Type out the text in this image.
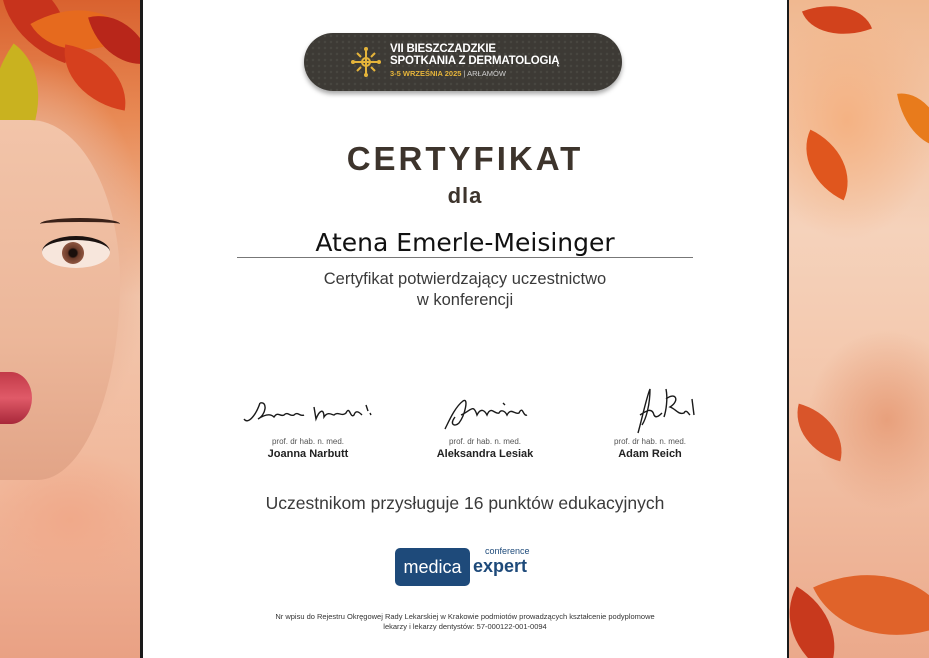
VII BIESZCZADZKIE
SPOTKANIA Z DERMATOLOGIĄ
3-5 WRZEŚNIA 2025 | ARŁAMÓW
CERTYFIKAT
dla
Atena Emerle-Meisinger
Certyfikat potwierdzający uczestnictwo
w konferencji
prof. dr hab. n. med.
Joanna Narbutt
prof. dr hab. n. med.
Aleksandra Lesiak
prof. dr hab. n. med.
Adam Reich
Uczestnikom przysługuje 16 punktów edukacyjnych
medica
conference
expert
Nr wpisu do Rejestru Okręgowej Rady Lekarskiej w Krakowie podmiotów prowadzących kształcenie podyplomowe
lekarzy i lekarzy dentystów: 57-000122-001-0094
